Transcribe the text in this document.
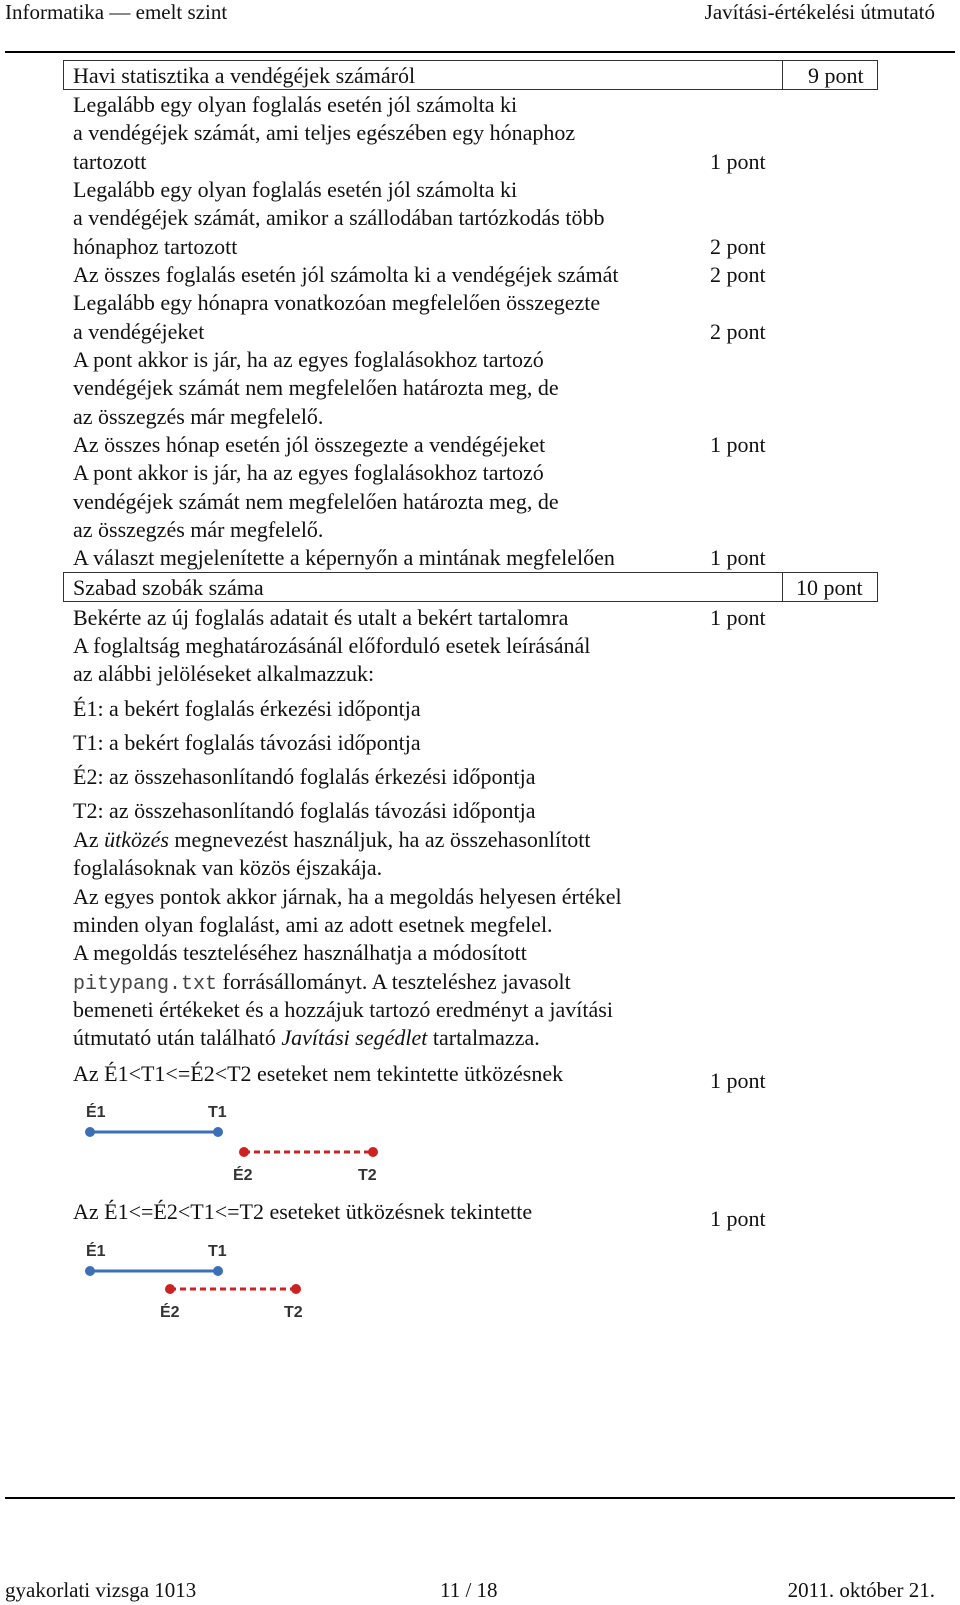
Informatika — emelt szint	Javítási-értékelési útmutató
Havi statisztika a vendégéjek számáról	9 pont
Legalább egy olyan foglalás esetén jól számolta ki
a vendégéjek számát, ami teljes egészében egy hónaphoz
tartozott	1 pont
Legalább egy olyan foglalás esetén jól számolta ki
a vendégéjek számát, amikor a szállodában tartózkodás több
hónaphoz tartozott	2 pont
Az összes foglalás esetén jól számolta ki a vendégéjek számát	2 pont
Legalább egy hónapra vonatkozóan megfelelően összegezte
a vendégéjeket	2 pont
A pont akkor is jár, ha az egyes foglalásokhoz tartozó
vendégéjek számát nem megfelelően határozta meg, de
az összegzés már megfelelő.
Az összes hónap esetén jól összegezte a vendégéjeket	1 pont
A pont akkor is jár, ha az egyes foglalásokhoz tartozó
vendégéjek számát nem megfelelően határozta meg, de
az összegzés már megfelelő.
A választ megjelenítette a képernyőn a mintának megfelelően	1 pont
Szabad szobák száma	10 pont
Bekérte az új foglalás adatait és utalt a bekért tartalomra	1 pont
A foglaltság meghatározásánál előforduló esetek leírásánál
az alábbi jelöléseket alkalmazzuk:
É1: a bekért foglalás érkezési időpontja
T1: a bekért foglalás távozási időpontja
É2: az összehasonlítandó foglalás érkezési időpontja
T2: az összehasonlítandó foglalás távozási időpontja
Az ütközés megnevezést használjuk, ha az összehasonlított
foglalásoknak van közös éjszakája.
Az egyes pontok akkor járnak, ha a megoldás helyesen értékel
minden olyan foglalást, ami az adott esetnek megfelel.
A megoldás teszteléséhez használhatja a módosított
pitypang.txt forrásállományt. A teszteléshez javasolt
bemeneti értékeket és a hozzájuk tartozó eredményt a javítási
útmutató után található Javítási segédlet tartalmazza.
Az É1<T1<=É2<T2 eseteket nem tekintette ütközésnek	1 pont
É1	T1
É2	T2
Az É1<=É2<T1<=T2 eseteket ütközésnek tekintette	1 pont
É1	T1
É2	T2
gyakorlati vizsga 1013	11 / 18	2011. október 21.
